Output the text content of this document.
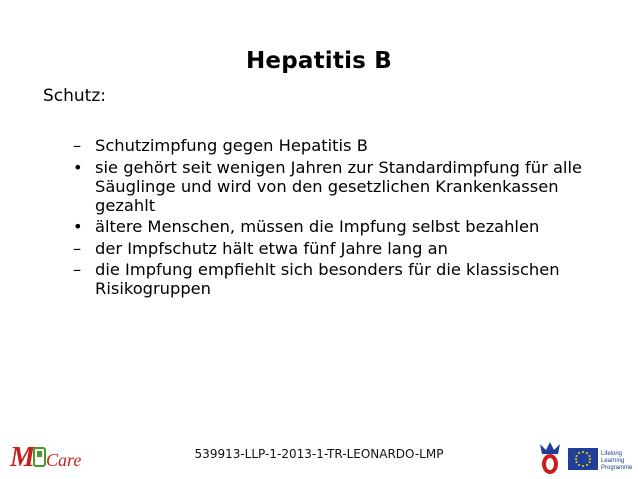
Hepatitis B
Schutz:
– Schutzimpfung gegen Hepatitis B
• sie gehört seit wenigen Jahren zur Standardimpfung für alle Säuglinge und wird von den gesetzlichen Krankenkassen gezahlt
• ältere Menschen, müssen die Impfung selbst bezahlen
– der Impfschutz hält etwa fünf Jahre lang an
– die Impfung empfiehlt sich besonders für die klassischen Risikogruppen
M Care	539913-LLP-1-2013-1-TR-LEONARDO-LMP	Lifelong
Learning
Programme
